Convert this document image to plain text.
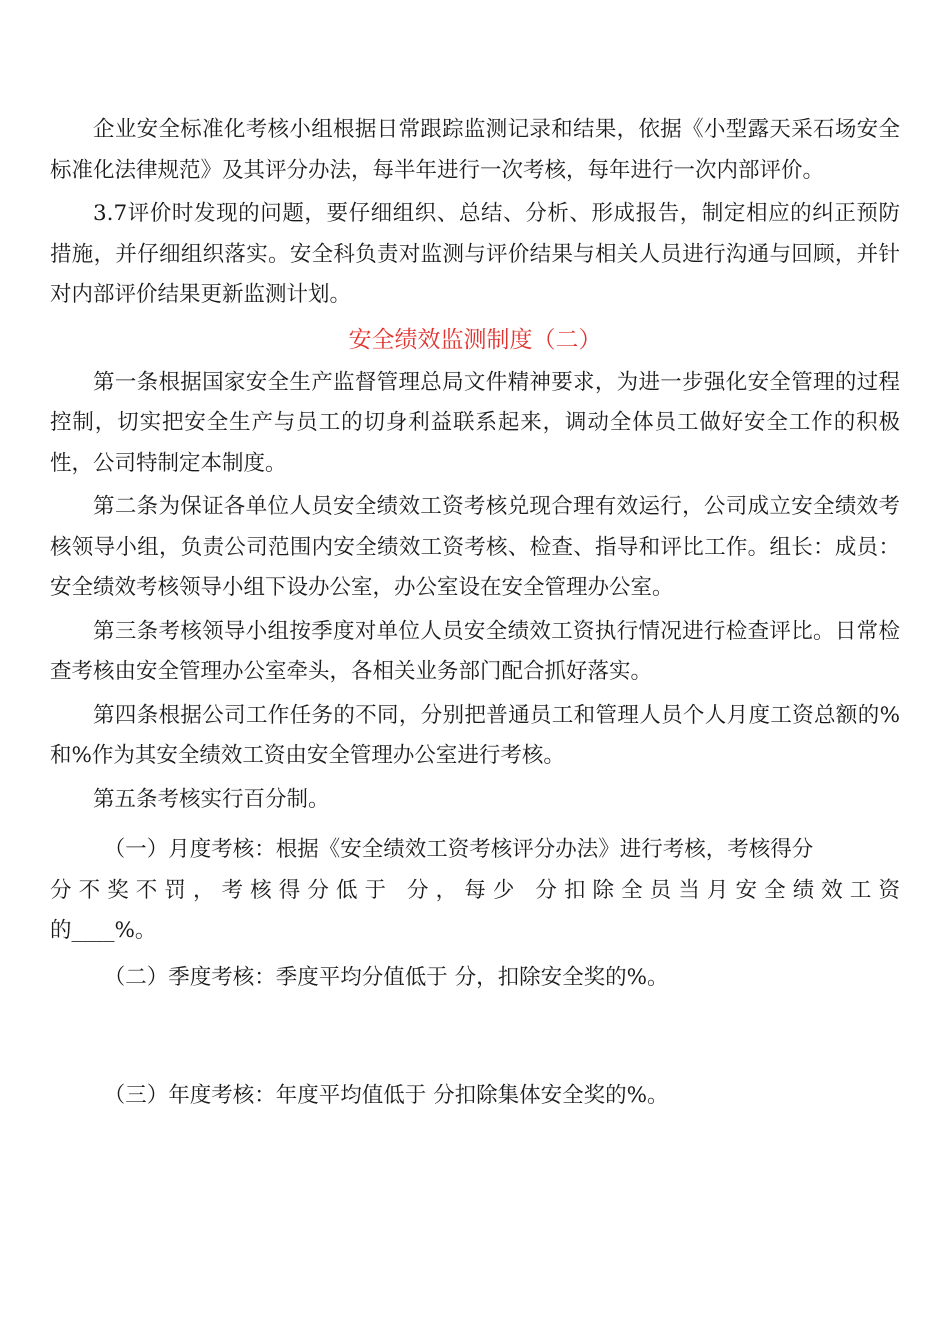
企业安全标准化考核小组根据日常跟踪监测记录和结果，依据《小型露天采石场安全标准化法律规范》及其评分办法，每半年进行一次考核，每年进行一次内部评价。

3.7评价时发现的问题，要仔细组织、总结、分析、形成报告，制定相应的纠正预防措施，并仔细组织落实。安全科负责对监测与评价结果与相关人员进行沟通与回顾，并针对内部评价结果更新监测计划。

安全绩效监测制度（二）

第一条根据国家安全生产监督管理总局文件精神要求，为进一步强化安全管理的过程控制，切实把安全生产与员工的切身利益联系起来，调动全体员工做好安全工作的积极性，公司特制定本制度。

第二条为保证各单位人员安全绩效工资考核兑现合理有效运行，公司成立安全绩效考核领导小组，负责公司范围内安全绩效工资考核、检查、指导和评比工作。组长：成员：安全绩效考核领导小组下设办公室，办公室设在安全管理办公室。

第三条考核领导小组按季度对单位人员安全绩效工资执行情况进行检查评比。日常检查考核由安全管理办公室牵头，各相关业务部门配合抓好落实。

第四条根据公司工作任务的不同，分别把普通员工和管理人员个人月度工资总额的%和%作为其安全绩效工资由安全管理办公室进行考核。

第五条考核实行百分制。

（一）月度考核：根据《安全绩效工资考核评分办法》进行考核，考核得分

分不奖不罚，考核得分低于 分，每少 分扣除全员当月安全绩效工资

的____%。

（二）季度考核：季度平均分值低于 分，扣除安全奖的%。

（三）年度考核：年度平均值低于 分扣除集体安全奖的%。
